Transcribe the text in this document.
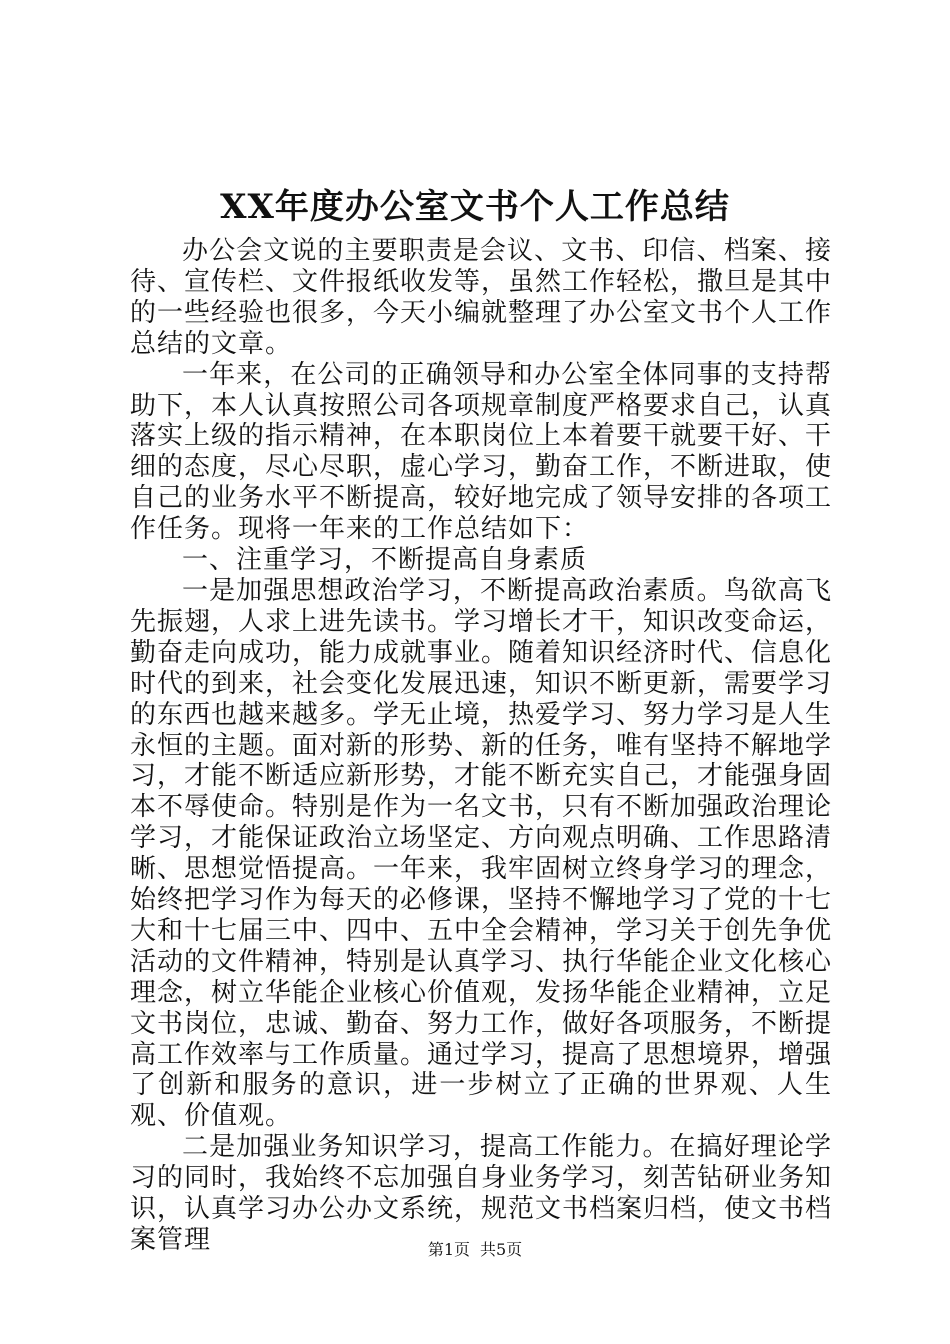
XX年度办公室文书个人工作总结

办公会文说的主要职责是会议、文书、印信、档案、接待、宣传栏、文件报纸收发等，虽然工作轻松，撒旦是其中的一些经验也很多，今天小编就整理了办公室文书个人工作总结的文章。

一年来，在公司的正确领导和办公室全体同事的支持帮助下，本人认真按照公司各项规章制度严格要求自己，认真落实上级的指示精神，在本职岗位上本着要干就要干好、干细的态度，尽心尽职，虚心学习，勤奋工作，不断进取，使自己的业务水平不断提高，较好地完成了领导安排的各项工作任务。现将一年来的工作总结如下：

一、注重学习，不断提高自身素质

一是加强思想政治学习，不断提高政治素质。鸟欲高飞先振翅，人求上进先读书。学习增长才干，知识改变命运，勤奋走向成功，能力成就事业。随着知识经济时代、信息化时代的到来，社会变化发展迅速，知识不断更新，需要学习的东西也越来越多。学无止境，热爱学习、努力学习是人生永恒的主题。面对新的形势、新的任务，唯有坚持不解地学习，才能不断适应新形势，才能不断充实自己，才能强身固本不辱使命。特别是作为一名文书，只有不断加强政治理论学习，才能保证政治立场坚定、方向观点明确、工作思路清晰、思想觉悟提高。一年来，我牢固树立终身学习的理念，始终把学习作为每天的必修课，坚持不懈地学习了党的十七大和十七届三中、四中、五中全会精神，学习关于创先争优活动的文件精神，特别是认真学习、执行华能企业文化核心理念，树立华能企业核心价值观，发扬华能企业精神，立足文书岗位，忠诚、勤奋、努力工作，做好各项服务，不断提高工作效率与工作质量。通过学习，提高了思想境界，增强了创新和服务的意识，进一步树立了正确的世界观、人生观、价值观。

二是加强业务知识学习，提高工作能力。在搞好理论学习的同时，我始终不忘加强自身业务学习，刻苦钻研业务知识，认真学习办公办文系统，规范文书档案归档，使文书档案管理	第1页 共5页
